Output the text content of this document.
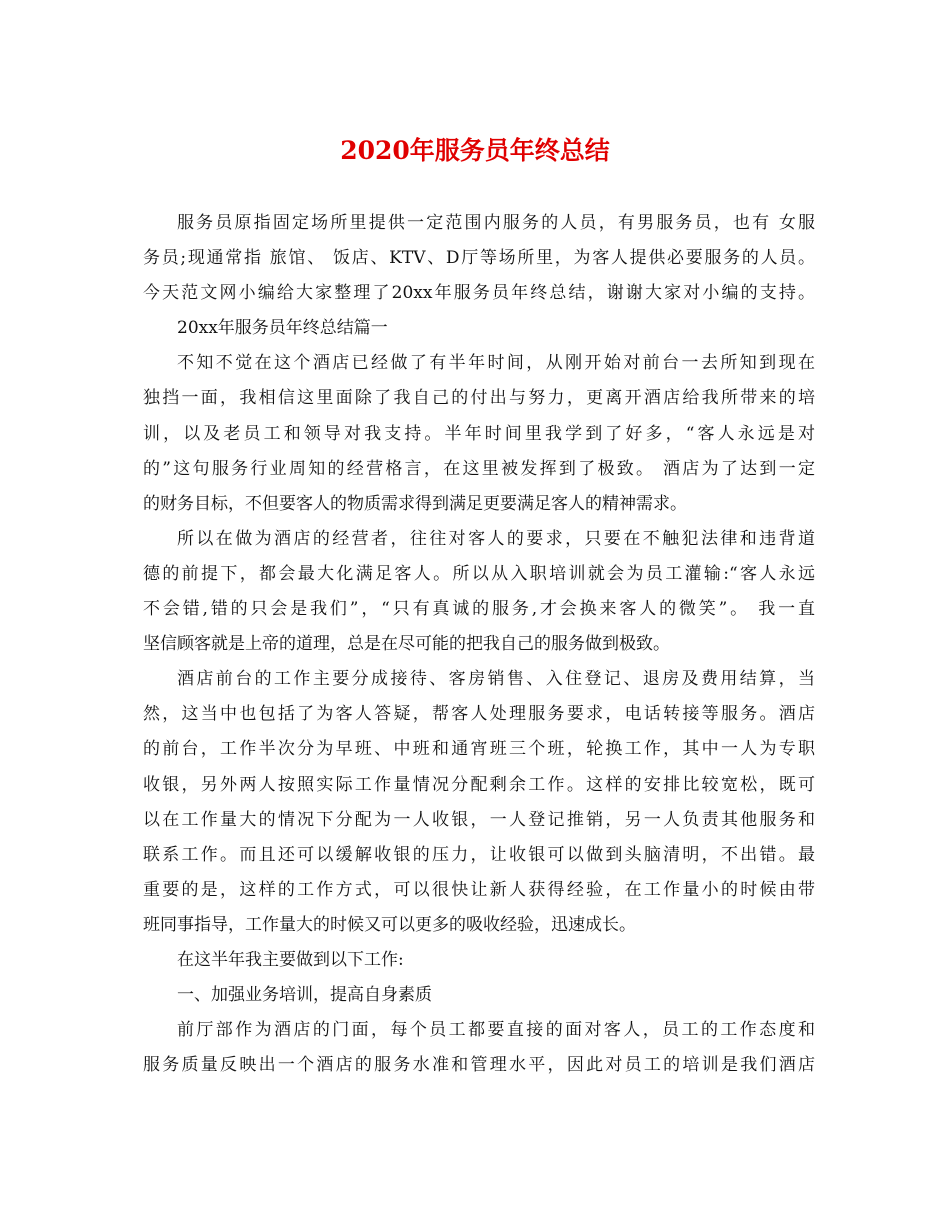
2020年服务员年终总结
服务员原指固定场所里提供一定范围内服务的人员，有男服务员，也有 女服
务员;现通常指 旅馆、 饭店、KTV、D厅等场所里，为客人提供必要服务的人员。
今天范文网小编给大家整理了20xx年服务员年终总结，谢谢大家对小编的支持。
20xx年服务员年终总结篇一
不知不觉在这个酒店已经做了有半年时间，从刚开始对前台一去所知到现在
独挡一面，我相信这里面除了我自己的付出与努力，更离开酒店给我所带来的培
训，以及老员工和领导对我支持。半年时间里我学到了好多，“客人永远是对
的”这句服务行业周知的经营格言，在这里被发挥到了极致。 酒店为了达到一定
的财务目标，不但要客人的物质需求得到满足更要满足客人的精神需求。
所以在做为酒店的经营者，往往对客人的要求，只要在不触犯法律和违背道
德的前提下，都会最大化满足客人。所以从入职培训就会为员工灌输:“客人永远
不会错,错的只会是我们”，“只有真诚的服务,才会换来客人的微笑”。 我一直
坚信顾客就是上帝的道理，总是在尽可能的把我自己的服务做到极致。
酒店前台的工作主要分成接待、客房销售、入住登记、退房及费用结算，当
然，这当中也包括了为客人答疑，帮客人处理服务要求，电话转接等服务。酒店
的前台，工作半次分为早班、中班和通宵班三个班，轮换工作，其中一人为专职
收银，另外两人按照实际工作量情况分配剩余工作。这样的安排比较宽松，既可
以在工作量大的情况下分配为一人收银，一人登记推销，另一人负责其他服务和
联系工作。而且还可以缓解收银的压力，让收银可以做到头脑清明，不出错。最
重要的是，这样的工作方式，可以很快让新人获得经验，在工作量小的时候由带
班同事指导，工作量大的时候又可以更多的吸收经验，迅速成长。
在这半年我主要做到以下工作:
一、加强业务培训，提高自身素质
前厅部作为酒店的门面，每个员工都要直接的面对客人，员工的工作态度和
服务质量反映出一个酒店的服务水准和管理水平，因此对员工的培训是我们酒店
